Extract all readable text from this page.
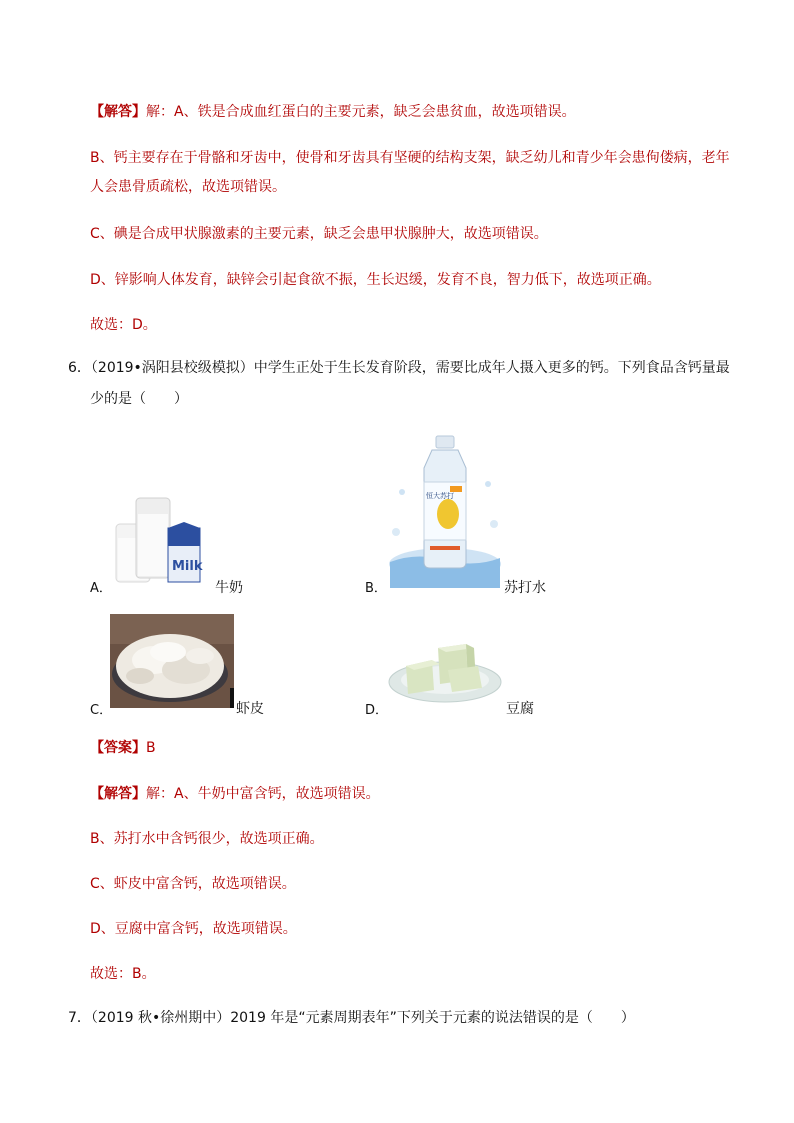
【解答】解：A、铁是合成血红蛋白的主要元素，缺乏会患贫血，故选项错误。
B、钙主要存在于骨骼和牙齿中，使骨和牙齿具有坚硬的结构支架，缺乏幼儿和青少年会患佝偻病，老年
人会患骨质疏松，故选项错误。
C、碘是合成甲状腺激素的主要元素，缺乏会患甲状腺肿大，故选项错误。
D、锌影响人体发育，缺锌会引起食欲不振，生长迟缓，发育不良，智力低下，故选项正确。
故选：D。
6．（2019•涡阳县校级模拟）中学生正处于生长发育阶段，需要比成年人摄入更多的钙。下列食品含钙量最
少的是（　　）
Milk
A．	牛奶
恒大苏打
B．	苏打水
C．	虾皮	D．	豆腐
【答案】B
【解答】解：A、牛奶中富含钙，故选项错误。
B、苏打水中含钙很少，故选项正确。
C、虾皮中富含钙，故选项错误。
D、豆腐中富含钙，故选项错误。
故选：B。
7．（2019 秋•徐州期中）2019 年是“元素周期表年”下列关于元素的说法错误的是（　　）
